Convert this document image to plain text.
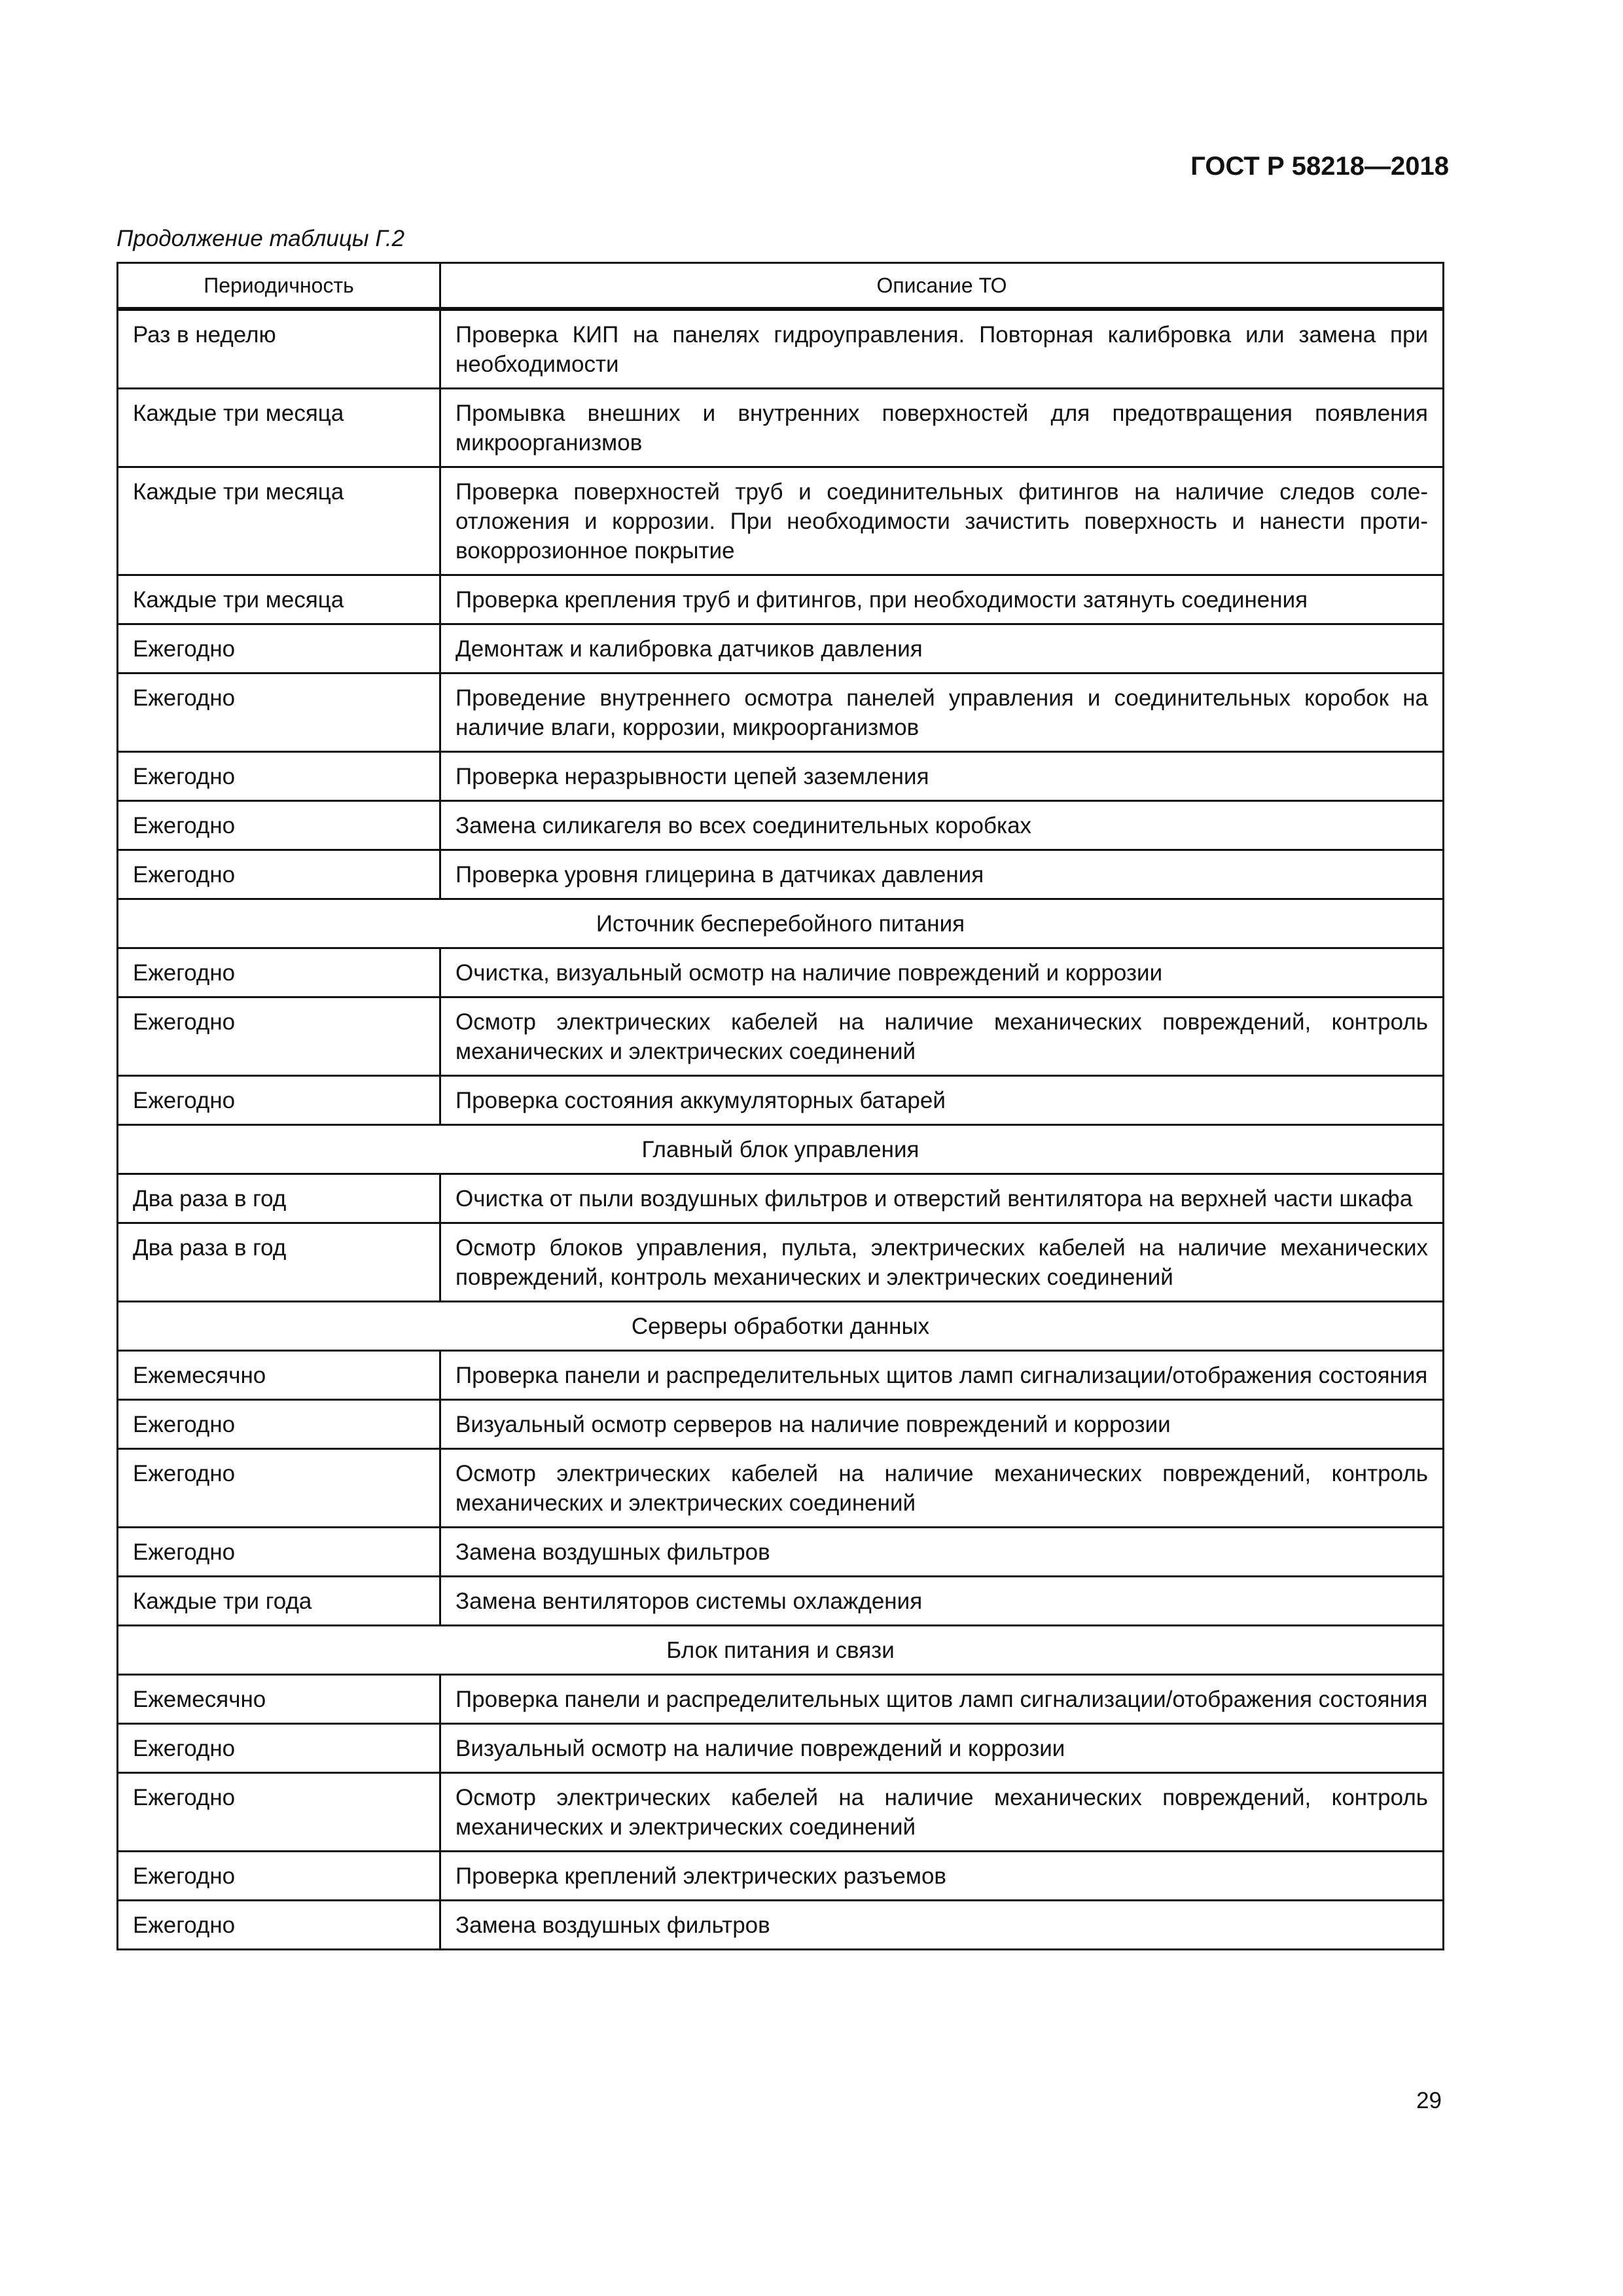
ГОСТ Р 58218—2018
Продолжение таблицы Г.2
Периодичность	Описание ТО
Раз в неделю	Проверка КИП на панелях гидроуправления. Повторная калибровка или замена при необходимости
Каждые три месяца	Промывка внешних и внутренних поверхностей для предотвращения появления микроорганизмов
Каждые три месяца	Проверка поверхностей труб и соединительных фитингов на наличие следов солеотложения и коррозии. При необходимости зачистить поверхность и нанести противокоррозионное покрытие
Каждые три месяца	Проверка крепления труб и фитингов, при необходимости затянуть соединения
Ежегодно	Демонтаж и калибровка датчиков давления
Ежегодно	Проведение внутреннего осмотра панелей управления и соединительных коробок на наличие влаги, коррозии, микроорганизмов
Ежегодно	Проверка неразрывности цепей заземления
Ежегодно	Замена силикагеля во всех соединительных коробках
Ежегодно	Проверка уровня глицерина в датчиках давления
Источник бесперебойного питания	
Ежегодно	Очистка, визуальный осмотр на наличие повреждений и коррозии
Ежегодно	Осмотр электрических кабелей на наличие механических повреждений, контроль механических и электрических соединений
Ежегодно	Проверка состояния аккумуляторных батарей
Главный блок управления	
Два раза в год	Очистка от пыли воздушных фильтров и отверстий вентилятора на верхней части шкафа
Два раза в год	Осмотр блоков управления, пульта, электрических кабелей на наличие механических повреждений, контроль механических и электрических соединений
Серверы обработки данных	
Ежемесячно	Проверка панели и распределительных щитов ламп сигнализации/отображения состояния
Ежегодно	Визуальный осмотр серверов на наличие повреждений и коррозии
Ежегодно	Осмотр электрических кабелей на наличие механических повреждений, контроль механических и электрических соединений
Ежегодно	Замена воздушных фильтров
Каждые три года	Замена вентиляторов системы охлаждения
Блок питания и связи	
Ежемесячно	Проверка панели и распределительных щитов ламп сигнализации/отображения состояния
Ежегодно	Визуальный осмотр на наличие повреждений и коррозии
Ежегодно	Осмотр электрических кабелей на наличие механических повреждений, контроль механических и электрических соединений
Ежегодно	Проверка креплений электрических разъемов
Ежегодно	Замена воздушных фильтров
29
